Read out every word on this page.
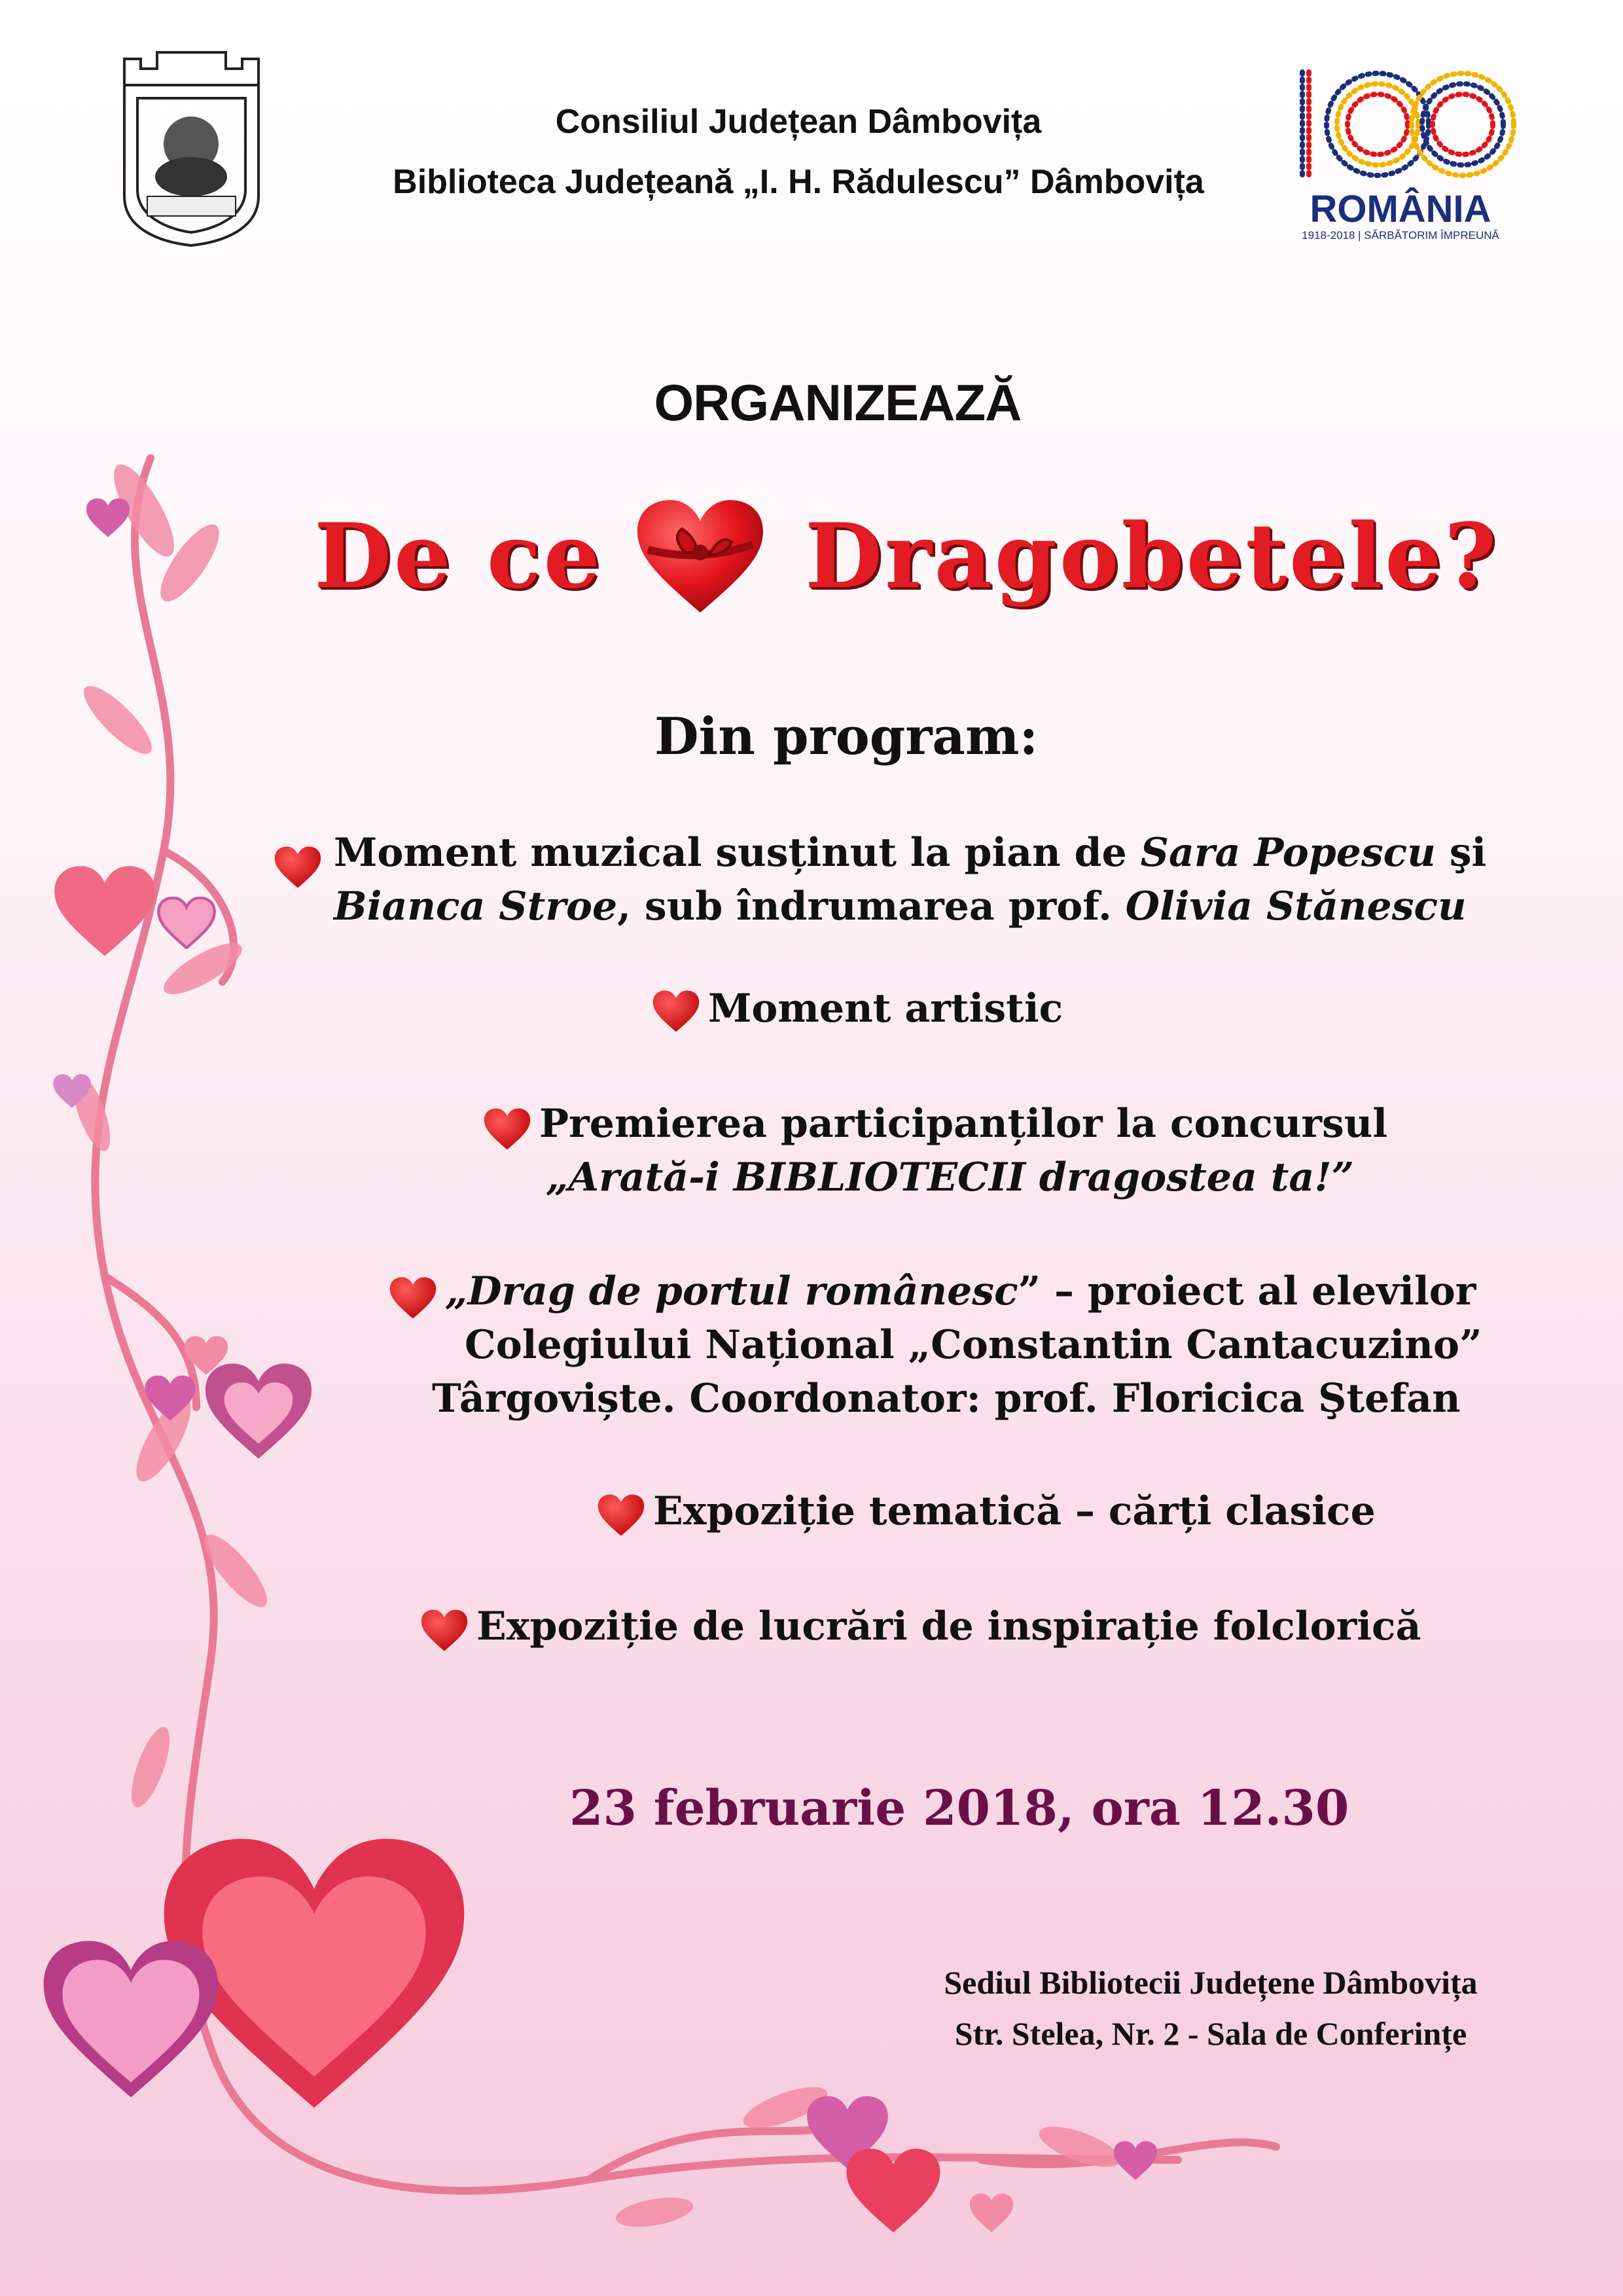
Consiliul Județean Dâmbovița
Biblioteca Județeană „I. H. Rădulescu” Dâmbovița
ROMÂNIA
1918-2018 | SĂRBĂTORIM ÎMPREUNĂ
ORGANIZEAZĂ
De ce Dragobetele?
Din program:
Moment muzical susținut la pian de Sara Popescu şi
Bianca Stroe, sub îndrumarea prof. Olivia Stănescu
Moment artistic
Premierea participanților la concursul
„Arată-i BIBLIOTECII dragostea ta!”
„Drag de portul românesc” – proiect al elevilor
Colegiului Național „Constantin Cantacuzino”
Târgoviște. Coordonator: prof. Floricica Ştefan
Expoziție tematică – cărți clasice
Expoziție de lucrări de inspirație folclorică
23 februarie 2018, ora 12.30
Sediul Bibliotecii Județene Dâmbovița
Str. Stelea, Nr. 2 - Sala de Conferințe
